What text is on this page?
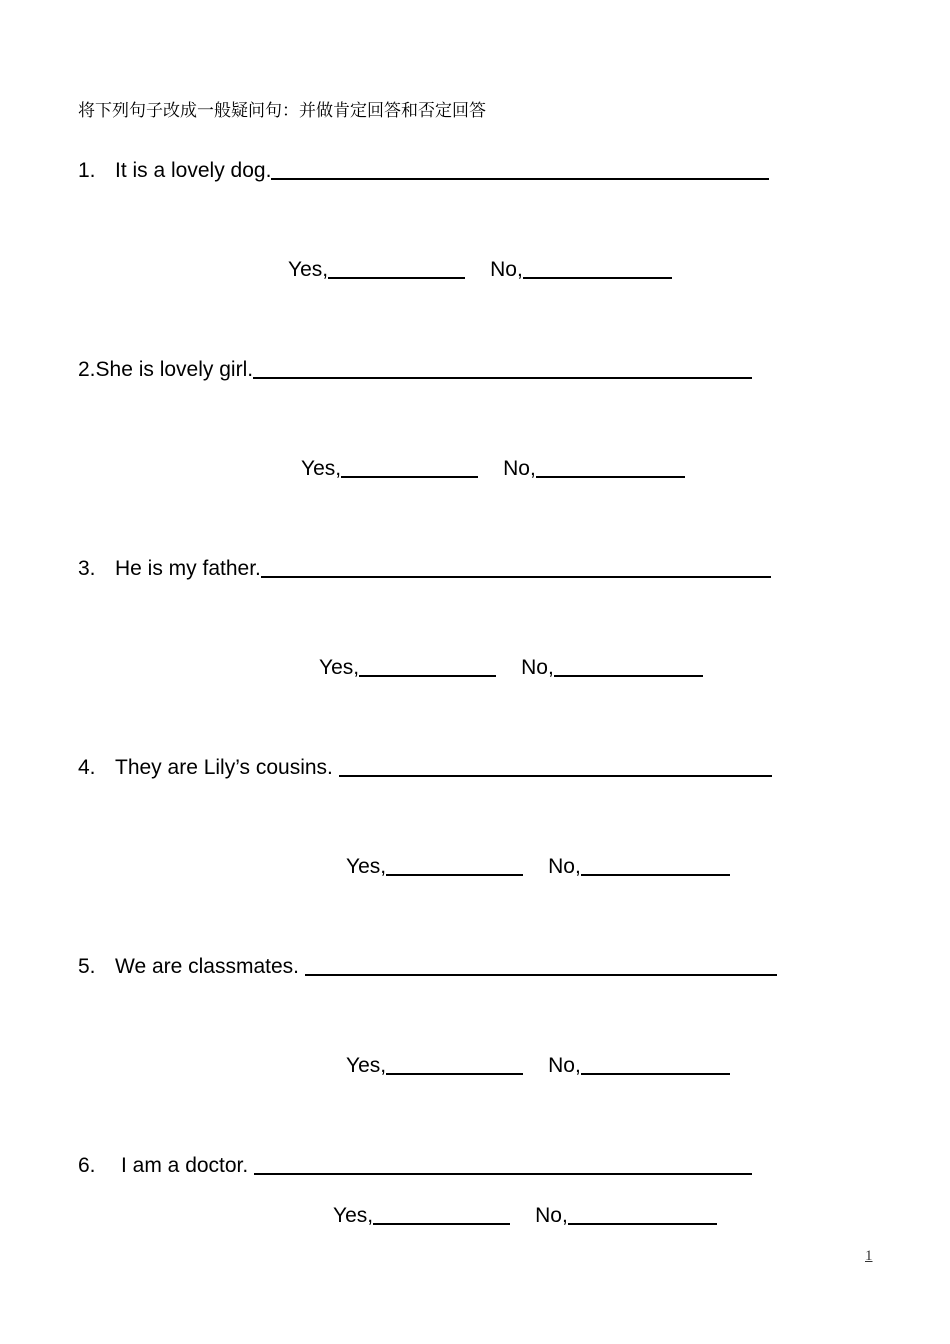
将下列句子改成一般疑问句：并做肯定回答和否定回答
1. It is a lovely dog.
Yes,	No,
2. She is lovely girl.
Yes,	No,
3. He is my father.
Yes,	No,
4. They are Lily’s cousins.
Yes,	No,
5. We are classmates.
Yes,	No,
6.	I am a doctor.
Yes,	No,
1
